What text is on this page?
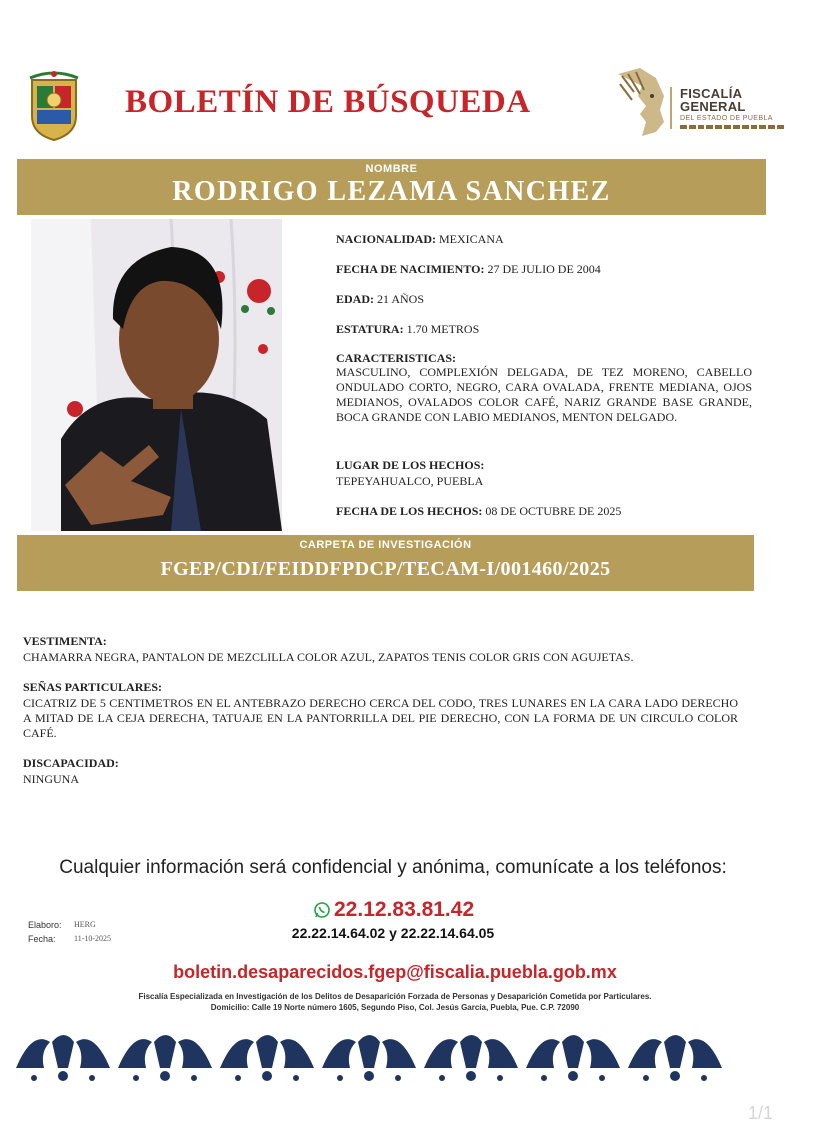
BOLETÍN DE BÚSQUEDA	FISCALÍA
GENERAL
DEL ESTADO DE PUEBLA
NOMBRE
RODRIGO LEZAMA SANCHEZ
NACIONALIDAD: MEXICANA
FECHA DE NACIMIENTO: 27 DE JULIO DE 2004
EDAD: 21 AÑOS
ESTATURA: 1.70 METROS
CARACTERISTICAS:
MASCULINO, COMPLEXIÓN DELGADA, DE TEZ MORENO, CABELLO ONDULADO CORTO, NEGRO, CARA OVALADA, FRENTE MEDIANA, OJOS MEDIANOS, OVALADOS COLOR CAFÉ, NARIZ GRANDE BASE GRANDE, BOCA GRANDE CON LABIO MEDIANOS, MENTON DELGADO.
LUGAR DE LOS HECHOS:
TEPEYAHUALCO, PUEBLA
FECHA DE LOS HECHOS: 08 DE OCTUBRE DE 2025
CARPETA DE INVESTIGACIÓN
FGEP/CDI/FEIDDFPDCP/TECAM-I/001460/2025
VESTIMENTA:
CHAMARRA NEGRA, PANTALON DE MEZCLILLA COLOR AZUL, ZAPATOS TENIS COLOR GRIS CON AGUJETAS.
SEÑAS PARTICULARES:
CICATRIZ DE 5 CENTIMETROS EN EL ANTEBRAZO DERECHO CERCA DEL CODO, TRES LUNARES EN LA CARA LADO DERECHO A MITAD DE LA CEJA DERECHA, TATUAJE EN LA PANTORRILLA DEL PIE DERECHO, CON LA FORMA DE UN CIRCULO COLOR CAFÉ.
DISCAPACIDAD:
NINGUNA
Cualquier información será confidencial y anónima, comunícate a los teléfonos:
22.12.83.81.42
22.22.14.64.02 y 22.22.14.64.05
Elaboro: HERG
Fecha: 11-10-2025
boletin.desaparecidos.fgep@fiscalia.puebla.gob.mx
Fiscalía Especializada en Investigación de los Delitos de Desaparición Forzada de Personas y Desaparición Cometida por Particulares.
Domicilio: Calle 19 Norte número 1605, Segundo Piso, Col. Jesús García, Puebla, Pue. C.P. 72090
1/1
